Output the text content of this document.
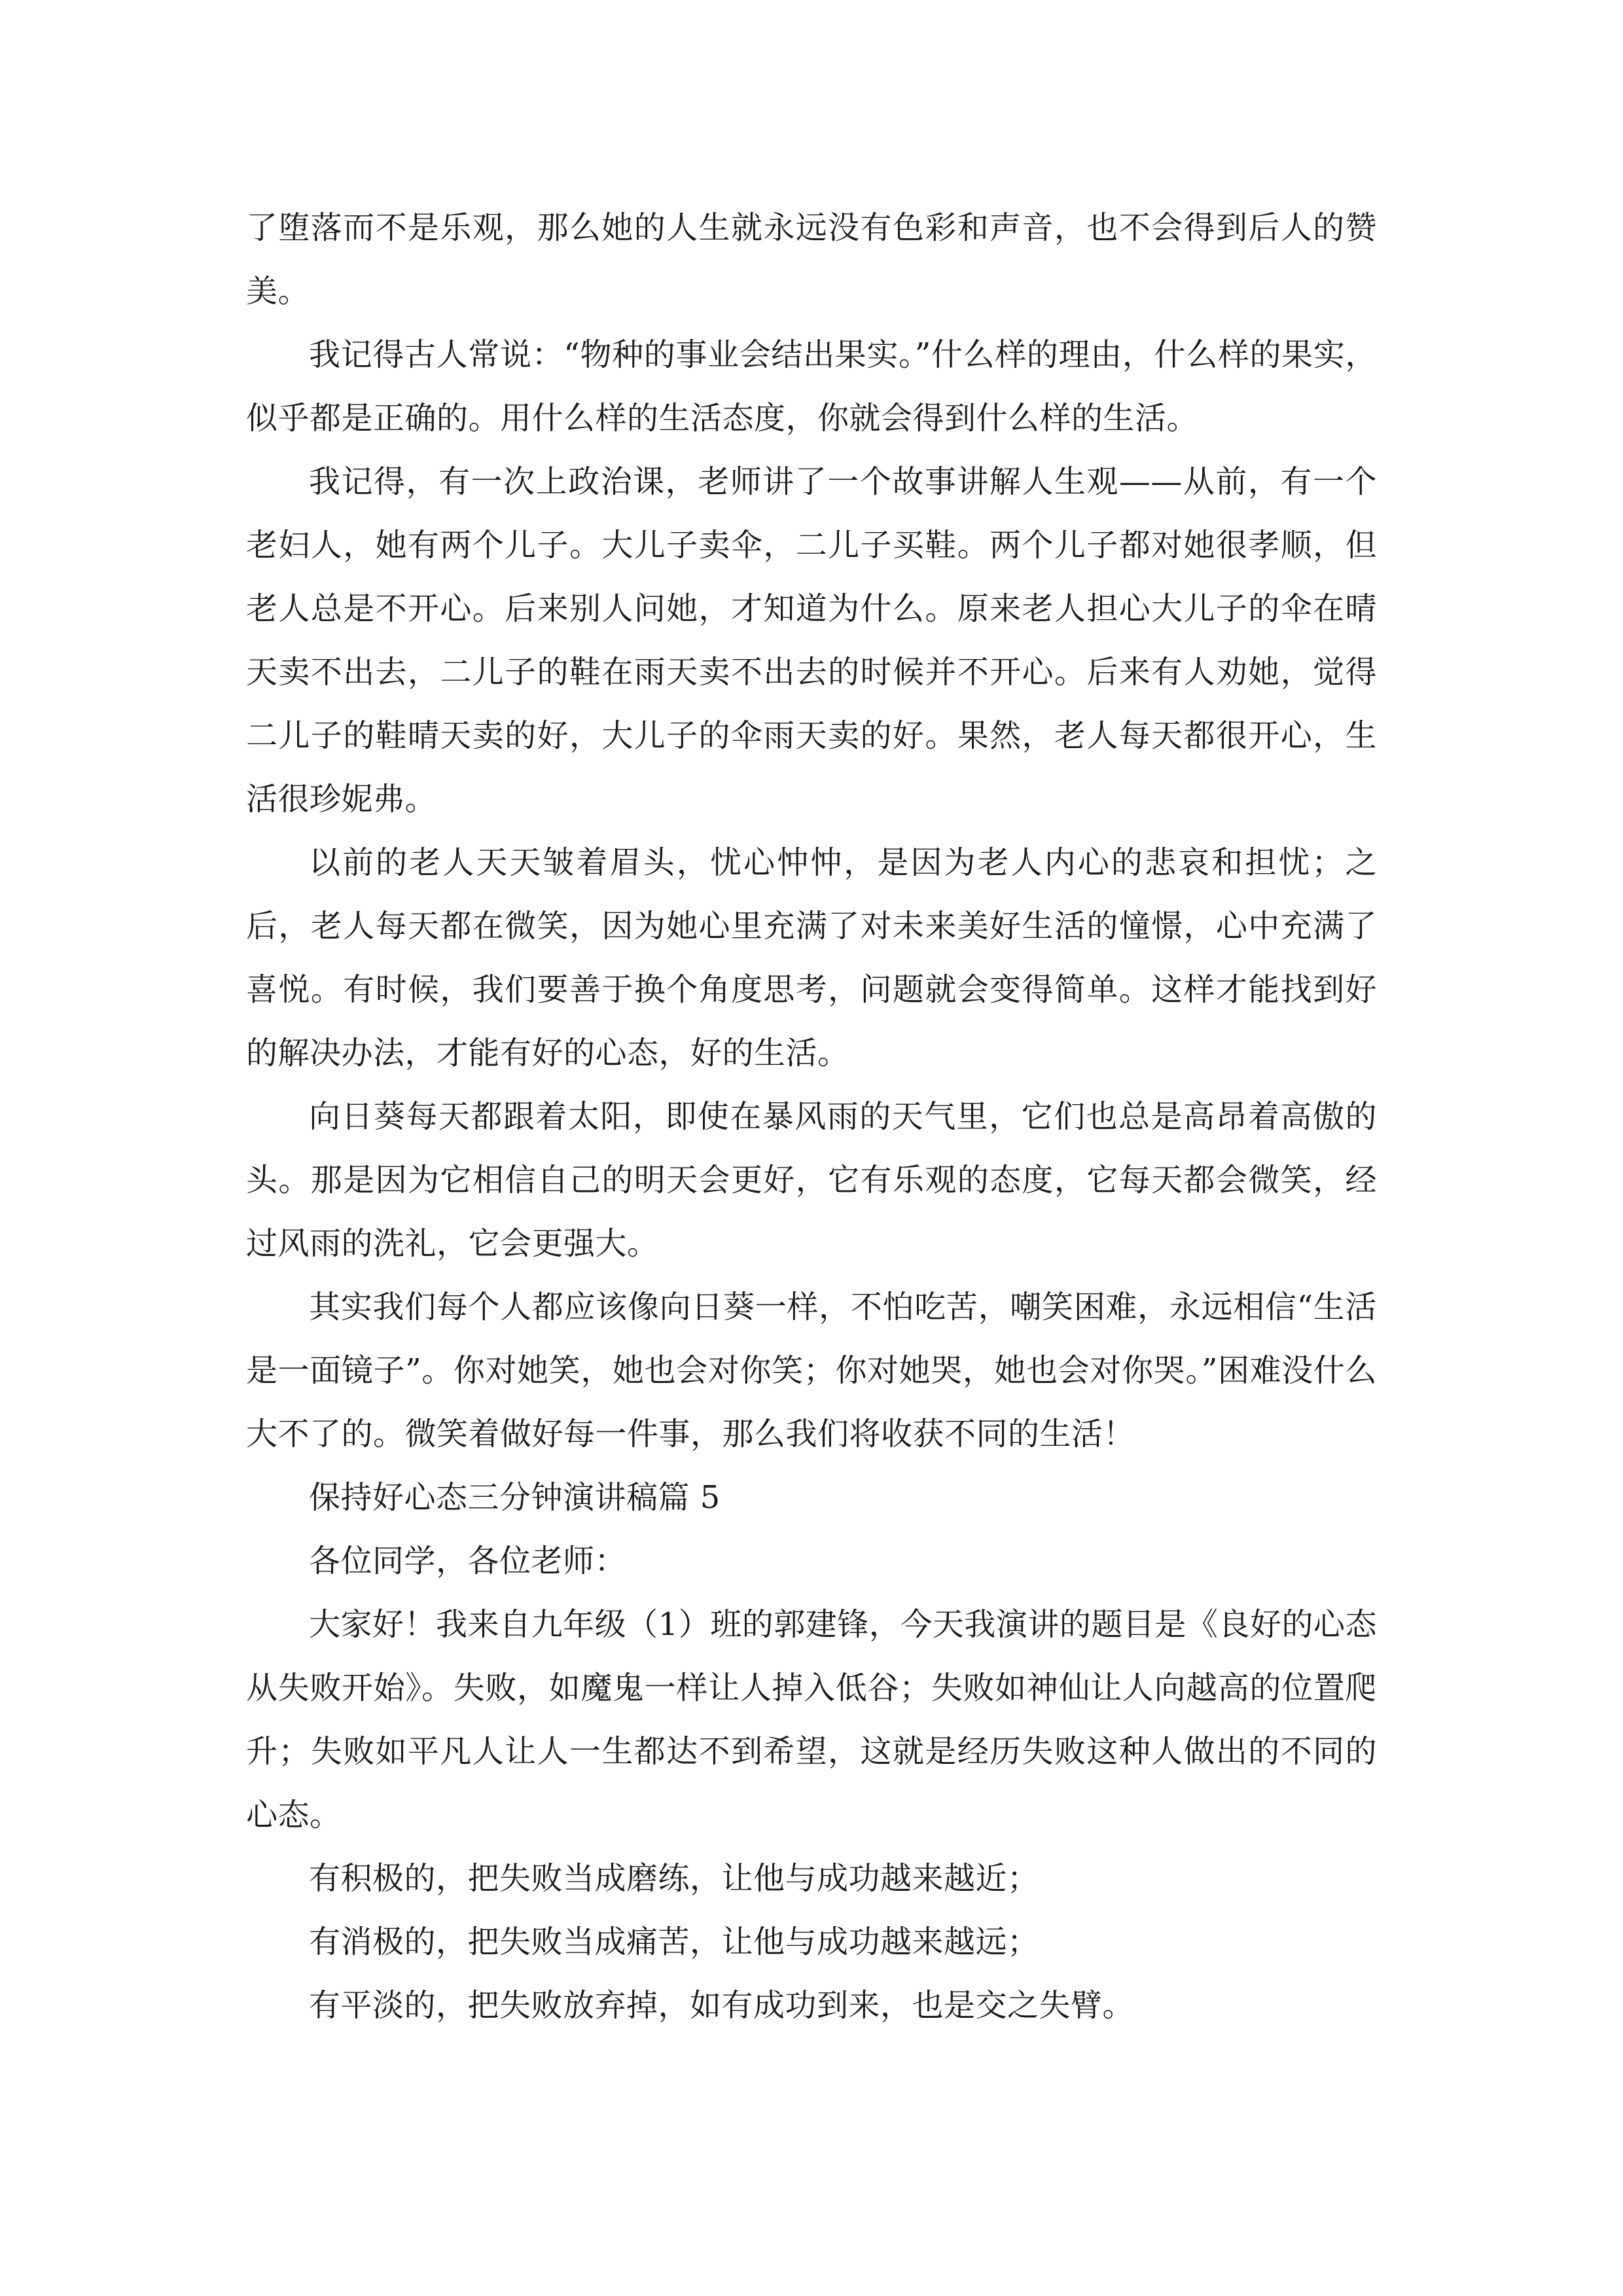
了堕落而不是乐观，那么她的人生就永远没有色彩和声音，也不会得到后人的赞美。

我记得古人常说：“物种的事业会结出果实。”什么样的理由，什么样的果实，似乎都是正确的。用什么样的生活态度，你就会得到什么样的生活。

我记得，有一次上政治课，老师讲了一个故事讲解人生观——从前，有一个老妇人，她有两个儿子。大儿子卖伞，二儿子买鞋。两个儿子都对她很孝顺，但老人总是不开心。后来别人问她，才知道为什么。原来老人担心大儿子的伞在晴天卖不出去，二儿子的鞋在雨天卖不出去的时候并不开心。后来有人劝她，觉得二儿子的鞋晴天卖的好，大儿子的伞雨天卖的好。果然，老人每天都很开心，生活很珍妮弗。

以前的老人天天皱着眉头，忧心忡忡，是因为老人内心的悲哀和担忧；之后，老人每天都在微笑，因为她心里充满了对未来美好生活的憧憬，心中充满了喜悦。有时候，我们要善于换个角度思考，问题就会变得简单。这样才能找到好的解决办法，才能有好的心态，好的生活。

向日葵每天都跟着太阳，即使在暴风雨的天气里，它们也总是高昂着高傲的头。那是因为它相信自己的明天会更好，它有乐观的态度，它每天都会微笑，经过风雨的洗礼，它会更强大。

其实我们每个人都应该像向日葵一样，不怕吃苦，嘲笑困难，永远相信“生活是一面镜子”。你对她笑，她也会对你笑；你对她哭，她也会对你哭。”困难没什么大不了的。微笑着做好每一件事，那么我们将收获不同的生活！

保持好心态三分钟演讲稿篇 5

各位同学，各位老师：

大家好！我来自九年级（1）班的郭建锋，今天我演讲的题目是《良好的心态从失败开始》。失败，如魔鬼一样让人掉入低谷；失败如神仙让人向越高的位置爬升；失败如平凡人让人一生都达不到希望，这就是经历失败这种人做出的不同的心态。

有积极的，把失败当成磨练，让他与成功越来越近；

有消极的，把失败当成痛苦，让他与成功越来越远；

有平淡的，把失败放弃掉，如有成功到来，也是交之失臂。
